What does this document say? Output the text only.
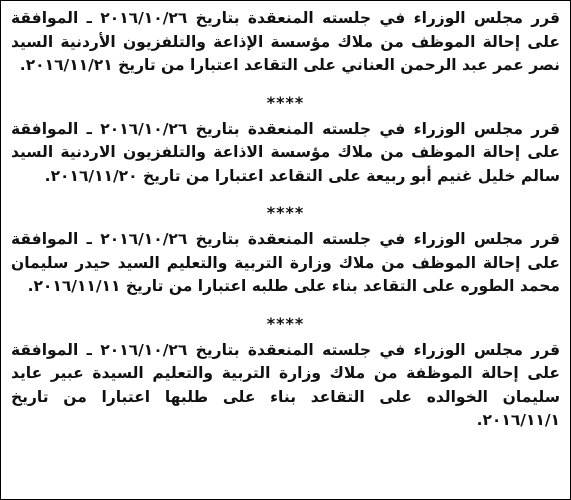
قرر مجلس الوزراء في جلسته المنعقدة بتاريخ ٢٠١٦/١٠/٢٦ ـ الموافقة على إحالة الموظف من ملاك مؤسسة الإذاعة والتلفزيون الأردنية السيد نصر عمر عبد الرحمن العناني على التقاعد اعتبارا من تاريخ ٢٠١٦/١١/٢١.

****

قرر مجلس الوزراء في جلسته المنعقدة بتاريخ ٢٠١٦/١٠/٢٦ ـ الموافقة على إحالة الموظف من ملاك مؤسسة الاذاعة والتلفزيون الاردنية السيد سالم خليل غنيم أبو ربيعة على التقاعد اعتبارا من تاريخ ٢٠١٦/١١/٢٠.

****

قرر مجلس الوزراء في جلسته المنعقدة بتاريخ ٢٠١٦/١٠/٢٦ ـ الموافقة على إحالة الموظف من ملاك وزارة التربية والتعليم السيد حيدر سليمان محمد الطوره على التقاعد بناء على طلبه اعتبارا من تاريخ ٢٠١٦/١١/١١.

****

قرر مجلس الوزراء في جلسته المنعقدة بتاريخ ٢٠١٦/١٠/٢٦ ـ الموافقة على إحالة الموظفة من ملاك وزارة التربية والتعليم السيدة عبير عايد سليمان الخوالده على التقاعد بناء على طلبها اعتبارا من تاريخ ٢٠١٦/١١/١.
